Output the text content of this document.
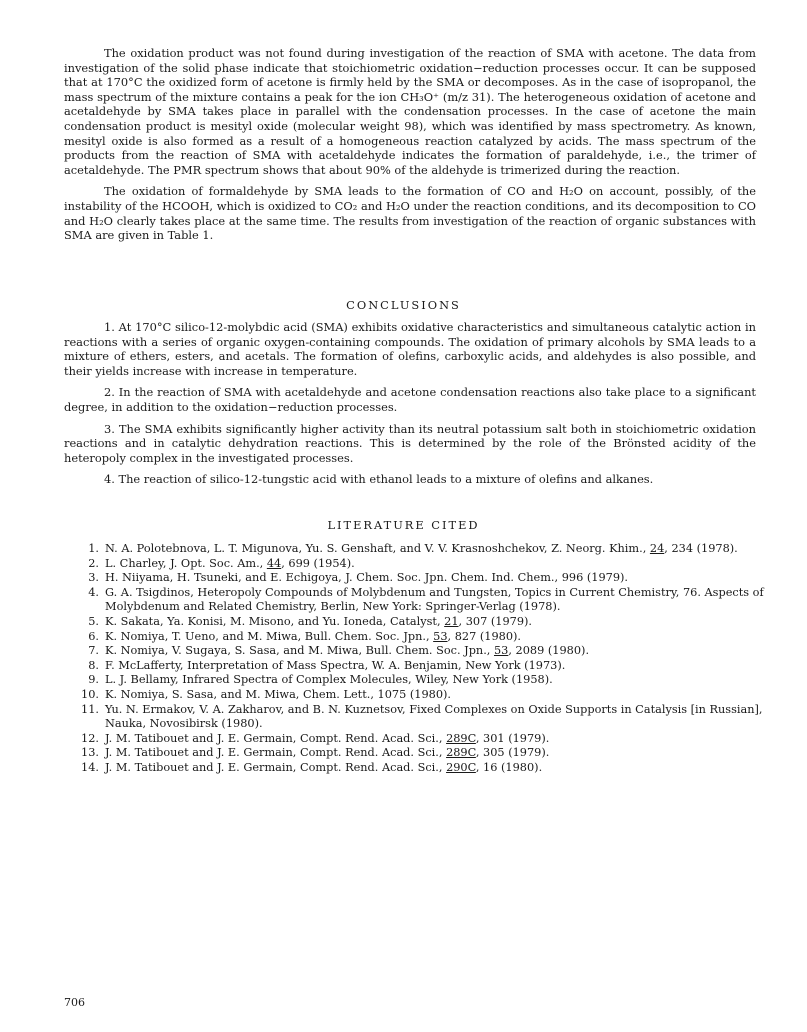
The oxidation product was not found during investigation of the reaction of SMA with acetone. The data from investigation of the solid phase indicate that stoichiometric oxidation−reduction processes occur. It can be supposed that at 170°C the oxidized form of acetone is firmly held by the SMA or decomposes. As in the case of isopropanol, the mass spectrum of the mixture contains a peak for the ion CH₃O⁺ (m/z 31). The heterogeneous oxidation of acetone and acetaldehyde by SMA takes place in parallel with the condensation processes. In the case of acetone the main condensation product is mesityl oxide (molecular weight 98), which was identified by mass spectrometry. As known, mesityl oxide is also formed as a result of a homogeneous reaction catalyzed by acids. The mass spectrum of the products from the reaction of SMA with acetaldehyde indicates the formation of paraldehyde, i.e., the trimer of acetaldehyde. The PMR spectrum shows that about 90% of the aldehyde is trimerized during the reaction.

The oxidation of formaldehyde by SMA leads to the formation of CO and H₂O on account, possibly, of the instability of the HCOOH, which is oxidized to CO₂ and H₂O under the reaction conditions, and its decomposition to CO and H₂O clearly takes place at the same time. The results from investigation of the reaction of organic substances with SMA are given in Table 1.

CONCLUSIONS

1. At 170°C silico-12-molybdic acid (SMA) exhibits oxidative characteristics and simultaneous catalytic action in reactions with a series of organic oxygen-containing compounds. The oxidation of primary alcohols by SMA leads to a mixture of ethers, esters, and acetals. The formation of olefins, carboxylic acids, and aldehydes is also possible, and their yields increase with increase in temperature.

2. In the reaction of SMA with acetaldehyde and acetone condensation reactions also take place to a significant degree, in addition to the oxidation−reduction processes.

3. The SMA exhibits significantly higher activity than its neutral potassium salt both in stoichiometric oxidation reactions and in catalytic dehydration reactions. This is determined by the role of the Brönsted acidity of the heteropoly complex in the investigated processes.

4. The reaction of silico-12-tungstic acid with ethanol leads to a mixture of olefins and alkanes.

LITERATURE CITED
1. N. A. Polotebnova, L. T. Migunova, Yu. S. Genshaft, and V. V. Krasnoshchekov, Z. Neorg. Khim., 24, 234 (1978).
2. L. Charley, J. Opt. Soc. Am., 44, 699 (1954).
3. H. Niiyama, H. Tsuneki, and E. Echigoya, J. Chem. Soc. Jpn. Chem. Ind. Chem., 996 (1979).
4. G. A. Tsigdinos, Heteropoly Compounds of Molybdenum and Tungsten, Topics in Current Chemistry, 76. Aspects of Molybdenum and Related Chemistry, Berlin, New York: Springer-Verlag (1978).
5. K. Sakata, Ya. Konisi, M. Misono, and Yu. Ioneda, Catalyst, 21, 307 (1979).
6. K. Nomiya, T. Ueno, and M. Miwa, Bull. Chem. Soc. Jpn., 53, 827 (1980).
7. K. Nomiya, V. Sugaya, S. Sasa, and M. Miwa, Bull. Chem. Soc. Jpn., 53, 2089 (1980).
8. F. McLafferty, Interpretation of Mass Spectra, W. A. Benjamin, New York (1973).
9. L. J. Bellamy, Infrared Spectra of Complex Molecules, Wiley, New York (1958).
10. K. Nomiya, S. Sasa, and M. Miwa, Chem. Lett., 1075 (1980).
11. Yu. N. Ermakov, V. A. Zakharov, and B. N. Kuznetsov, Fixed Complexes on Oxide Supports in Catalysis [in Russian], Nauka, Novosibirsk (1980).
12. J. M. Tatibouet and J. E. Germain, Compt. Rend. Acad. Sci., 289C, 301 (1979).
13. J. M. Tatibouet and J. E. Germain, Compt. Rend. Acad. Sci., 289C, 305 (1979).
14. J. M. Tatibouet and J. E. Germain, Compt. Rend. Acad. Sci., 290C, 16 (1980).
706
